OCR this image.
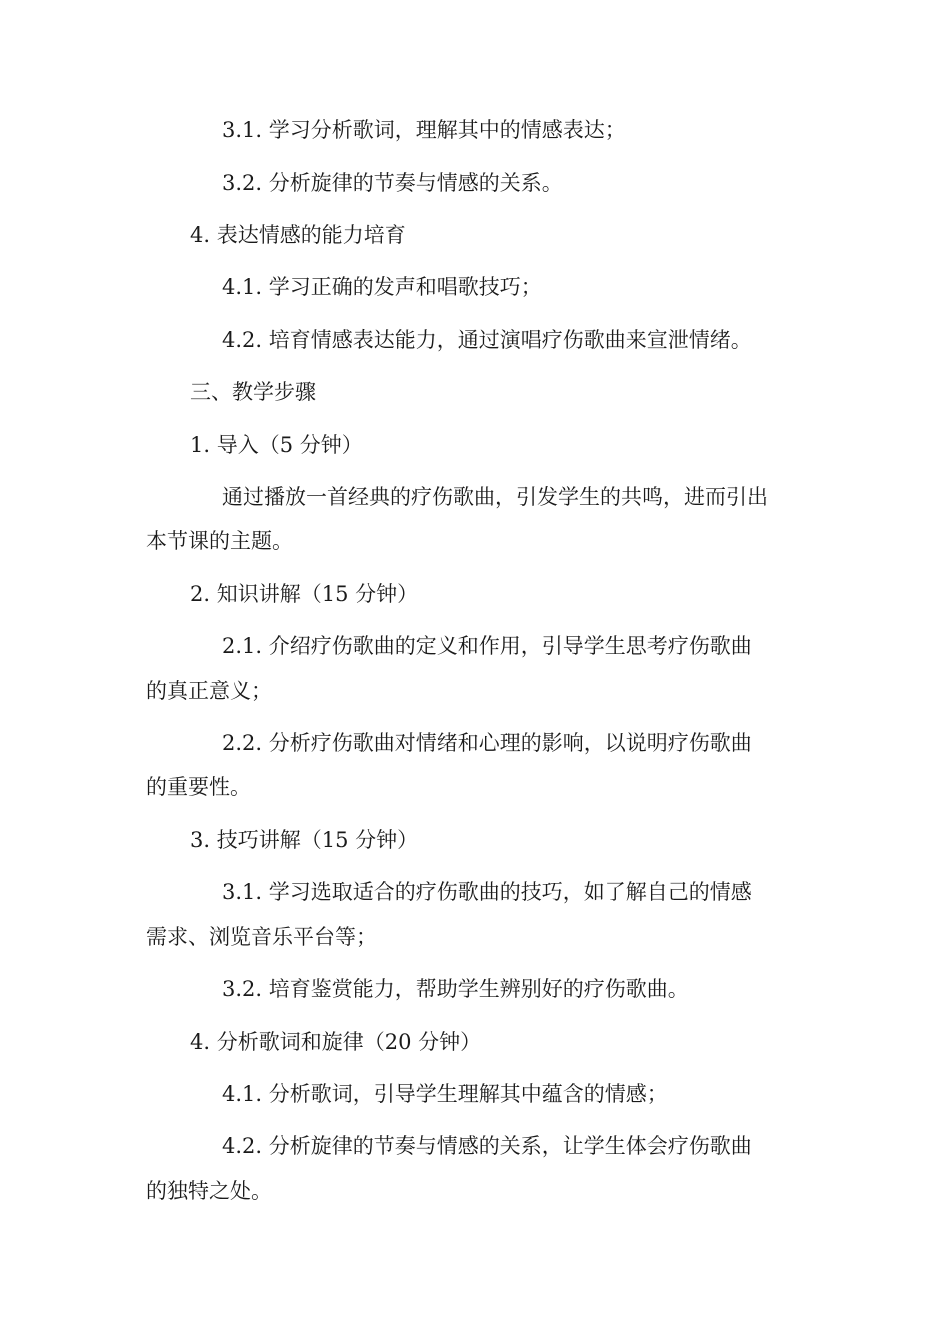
3.1. 学习分析歌词，理解其中的情感表达；
3.2. 分析旋律的节奏与情感的关系。
4. 表达情感的能力培育
4.1. 学习正确的发声和唱歌技巧；
4.2. 培育情感表达能力，通过演唱疗伤歌曲来宣泄情绪。
三、教学步骤
1. 导入（5 分钟）
通过播放一首经典的疗伤歌曲，引发学生的共鸣，进而引出
本节课的主题。
2. 知识讲解（15 分钟）
2.1. 介绍疗伤歌曲的定义和作用，引导学生思考疗伤歌曲
的真正意义；
2.2. 分析疗伤歌曲对情绪和心理的影响，以说明疗伤歌曲
的重要性。
3. 技巧讲解（15 分钟）
3.1. 学习选取适合的疗伤歌曲的技巧，如了解自己的情感
需求、浏览音乐平台等；
3.2. 培育鉴赏能力，帮助学生辨别好的疗伤歌曲。
4. 分析歌词和旋律（20 分钟）
4.1. 分析歌词，引导学生理解其中蕴含的情感；
4.2. 分析旋律的节奏与情感的关系，让学生体会疗伤歌曲
的独特之处。
